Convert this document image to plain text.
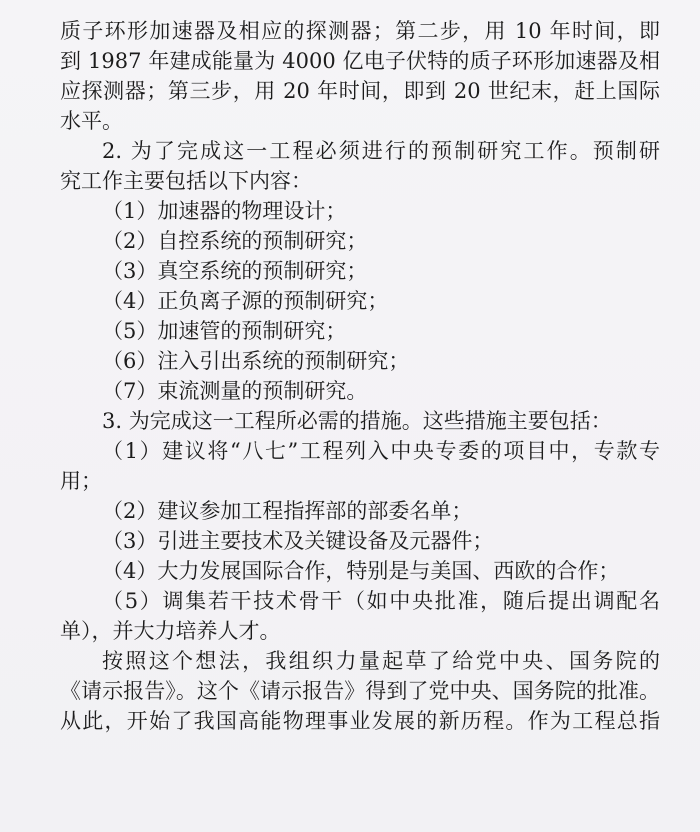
质子环形加速器及相应的探测器；第二步，用 10 年时间，即
到 1987 年建成能量为 4000 亿电子伏特的质子环形加速器及相
应探测器；第三步，用 20 年时间，即到 20 世纪末，赶上国际
水平。
2. 为了完成这一工程必须进行的预制研究工作。预制研
究工作主要包括以下内容：
（1）加速器的物理设计；
（2）自控系统的预制研究；
（3）真空系统的预制研究；
（4）正负离子源的预制研究；
（5）加速管的预制研究；
（6）注入引出系统的预制研究；
（7）束流测量的预制研究。
3. 为完成这一工程所必需的措施。这些措施主要包括：
（1）建议将“八七”工程列入中央专委的项目中，专款专
用；
（2）建议参加工程指挥部的部委名单；
（3）引进主要技术及关键设备及元器件；
（4）大力发展国际合作，特别是与美国、西欧的合作；
（5）调集若干技术骨干（如中央批准，随后提出调配名
单），并大力培养人才。
按照这个想法，我组织力量起草了给党中央、国务院的
《请示报告》。这个《请示报告》得到了党中央、国务院的批准。
从此，开始了我国高能物理事业发展的新历程。作为工程总指
